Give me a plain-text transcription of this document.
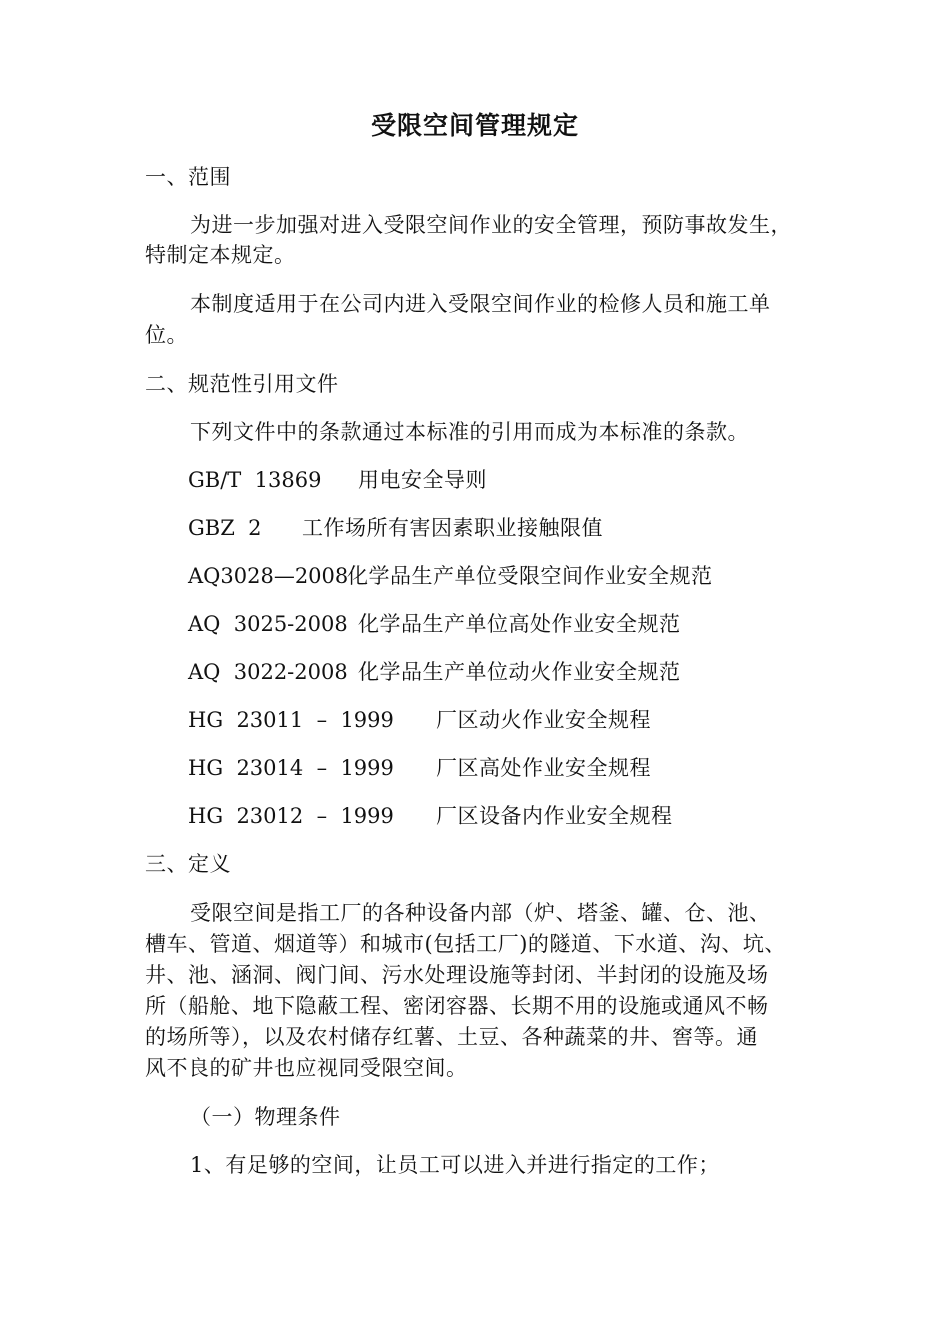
受限空间管理规定
一、范围
为进一步加强对进入受限空间作业的安全管理，预防事故发生，
特制定本规定。
本制度适用于在公司内进入受限空间作业的检修人员和施工单
位。
二、规范性引用文件
下列文件中的条款通过本标准的引用而成为本标准的条款。
GB/T  13869 用电安全导则
GBZ  2 工作场所有害因素职业接触限值
AQ3028—2008
化学品生产单位受限空间作业安全规范
AQ  3025-2008 化学品生产单位高处作业安全规范
AQ  3022-2008 化学品生产单位动火作业安全规范
HG  23011  –  1999 厂区动火作业安全规程
HG  23014  –  1999 厂区高处作业安全规程
HG  23012  –  1999 厂区设备内作业安全规程
三、定义
受限空间是指工厂的各种设备内部（炉、塔釜、罐、仓、池、
槽车、管道、烟道等）和城市(包括工厂)的隧道、下水道、沟、坑、
井、池、涵洞、阀门间、污水处理设施等封闭、半封闭的设施及场
所（船舱、地下隐蔽工程、密闭容器、长期不用的设施或通风不畅
的场所等），以及农村储存红薯、土豆、各种蔬菜的井、窖等。通
风不良的矿井也应视同受限空间。
（一）物理条件
1、有足够的空间，让员工可以进入并进行指定的工作；
